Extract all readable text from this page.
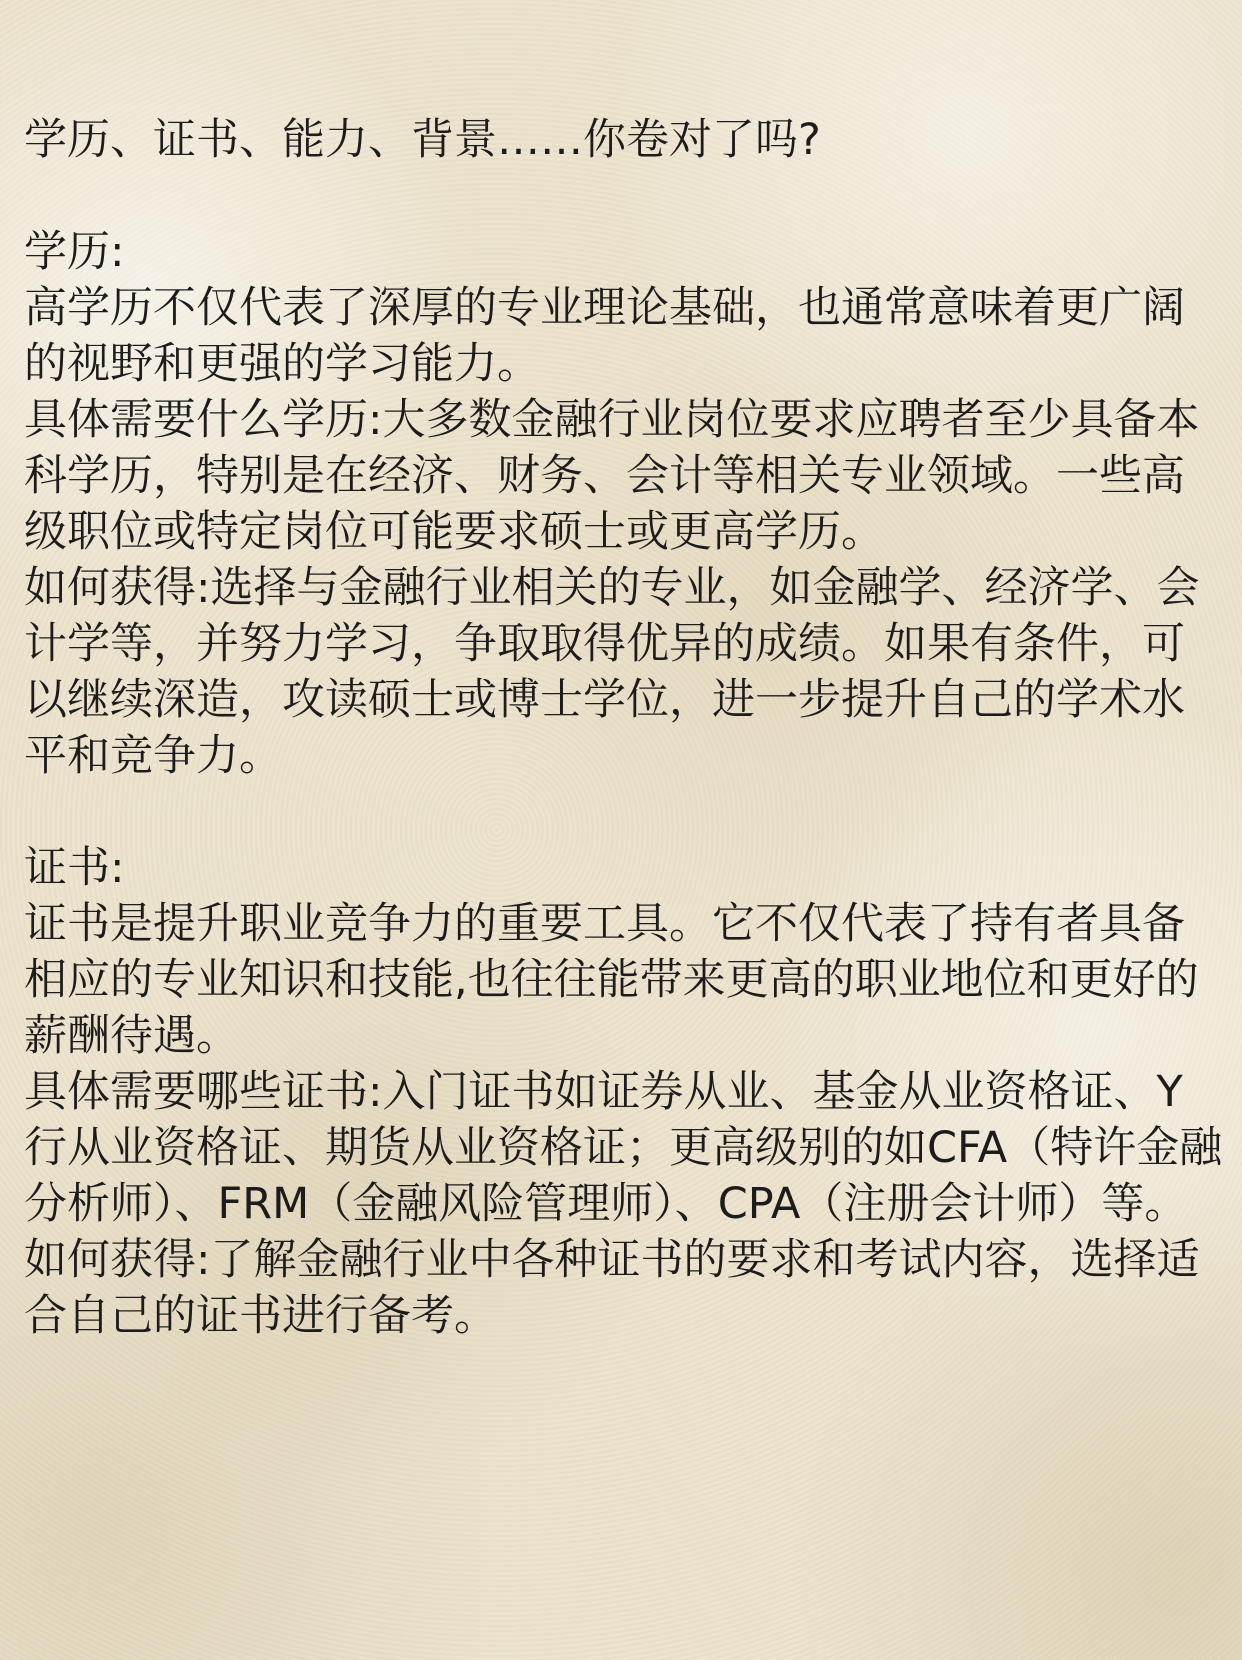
学历、证书、能力、背景……你卷对了吗?

学历:

高学历不仅代表了深厚的专业理论基础，也通常意味着更广阔的视野和更强的学习能力。

具体需要什么学历:大多数金融行业岗位要求应聘者至少具备本科学历，特别是在经济、财务、会计等相关专业领域。一些高级职位或特定岗位可能要求硕士或更高学历。

如何获得:选择与金融行业相关的专业，如金融学、经济学、会计学等，并努力学习，争取取得优异的成绩。如果有条件，可以继续深造，攻读硕士或博士学位，进一步提升自己的学术水平和竞争力。

证书:

证书是提升职业竞争力的重要工具。它不仅代表了持有者具备相应的专业知识和技能,也往往能带来更高的职业地位和更好的薪酬待遇。

具体需要哪些证书:入门证书如证券从业、基金从业资格证、Y行从业资格证、期货从业资格证；更高级别的如CFA（特许金融分析师）、FRM（金融风险管理师）、CPA（注册会计师）等。

如何获得:了解金融行业中各种证书的要求和考试内容，选择适合自己的证书进行备考。
